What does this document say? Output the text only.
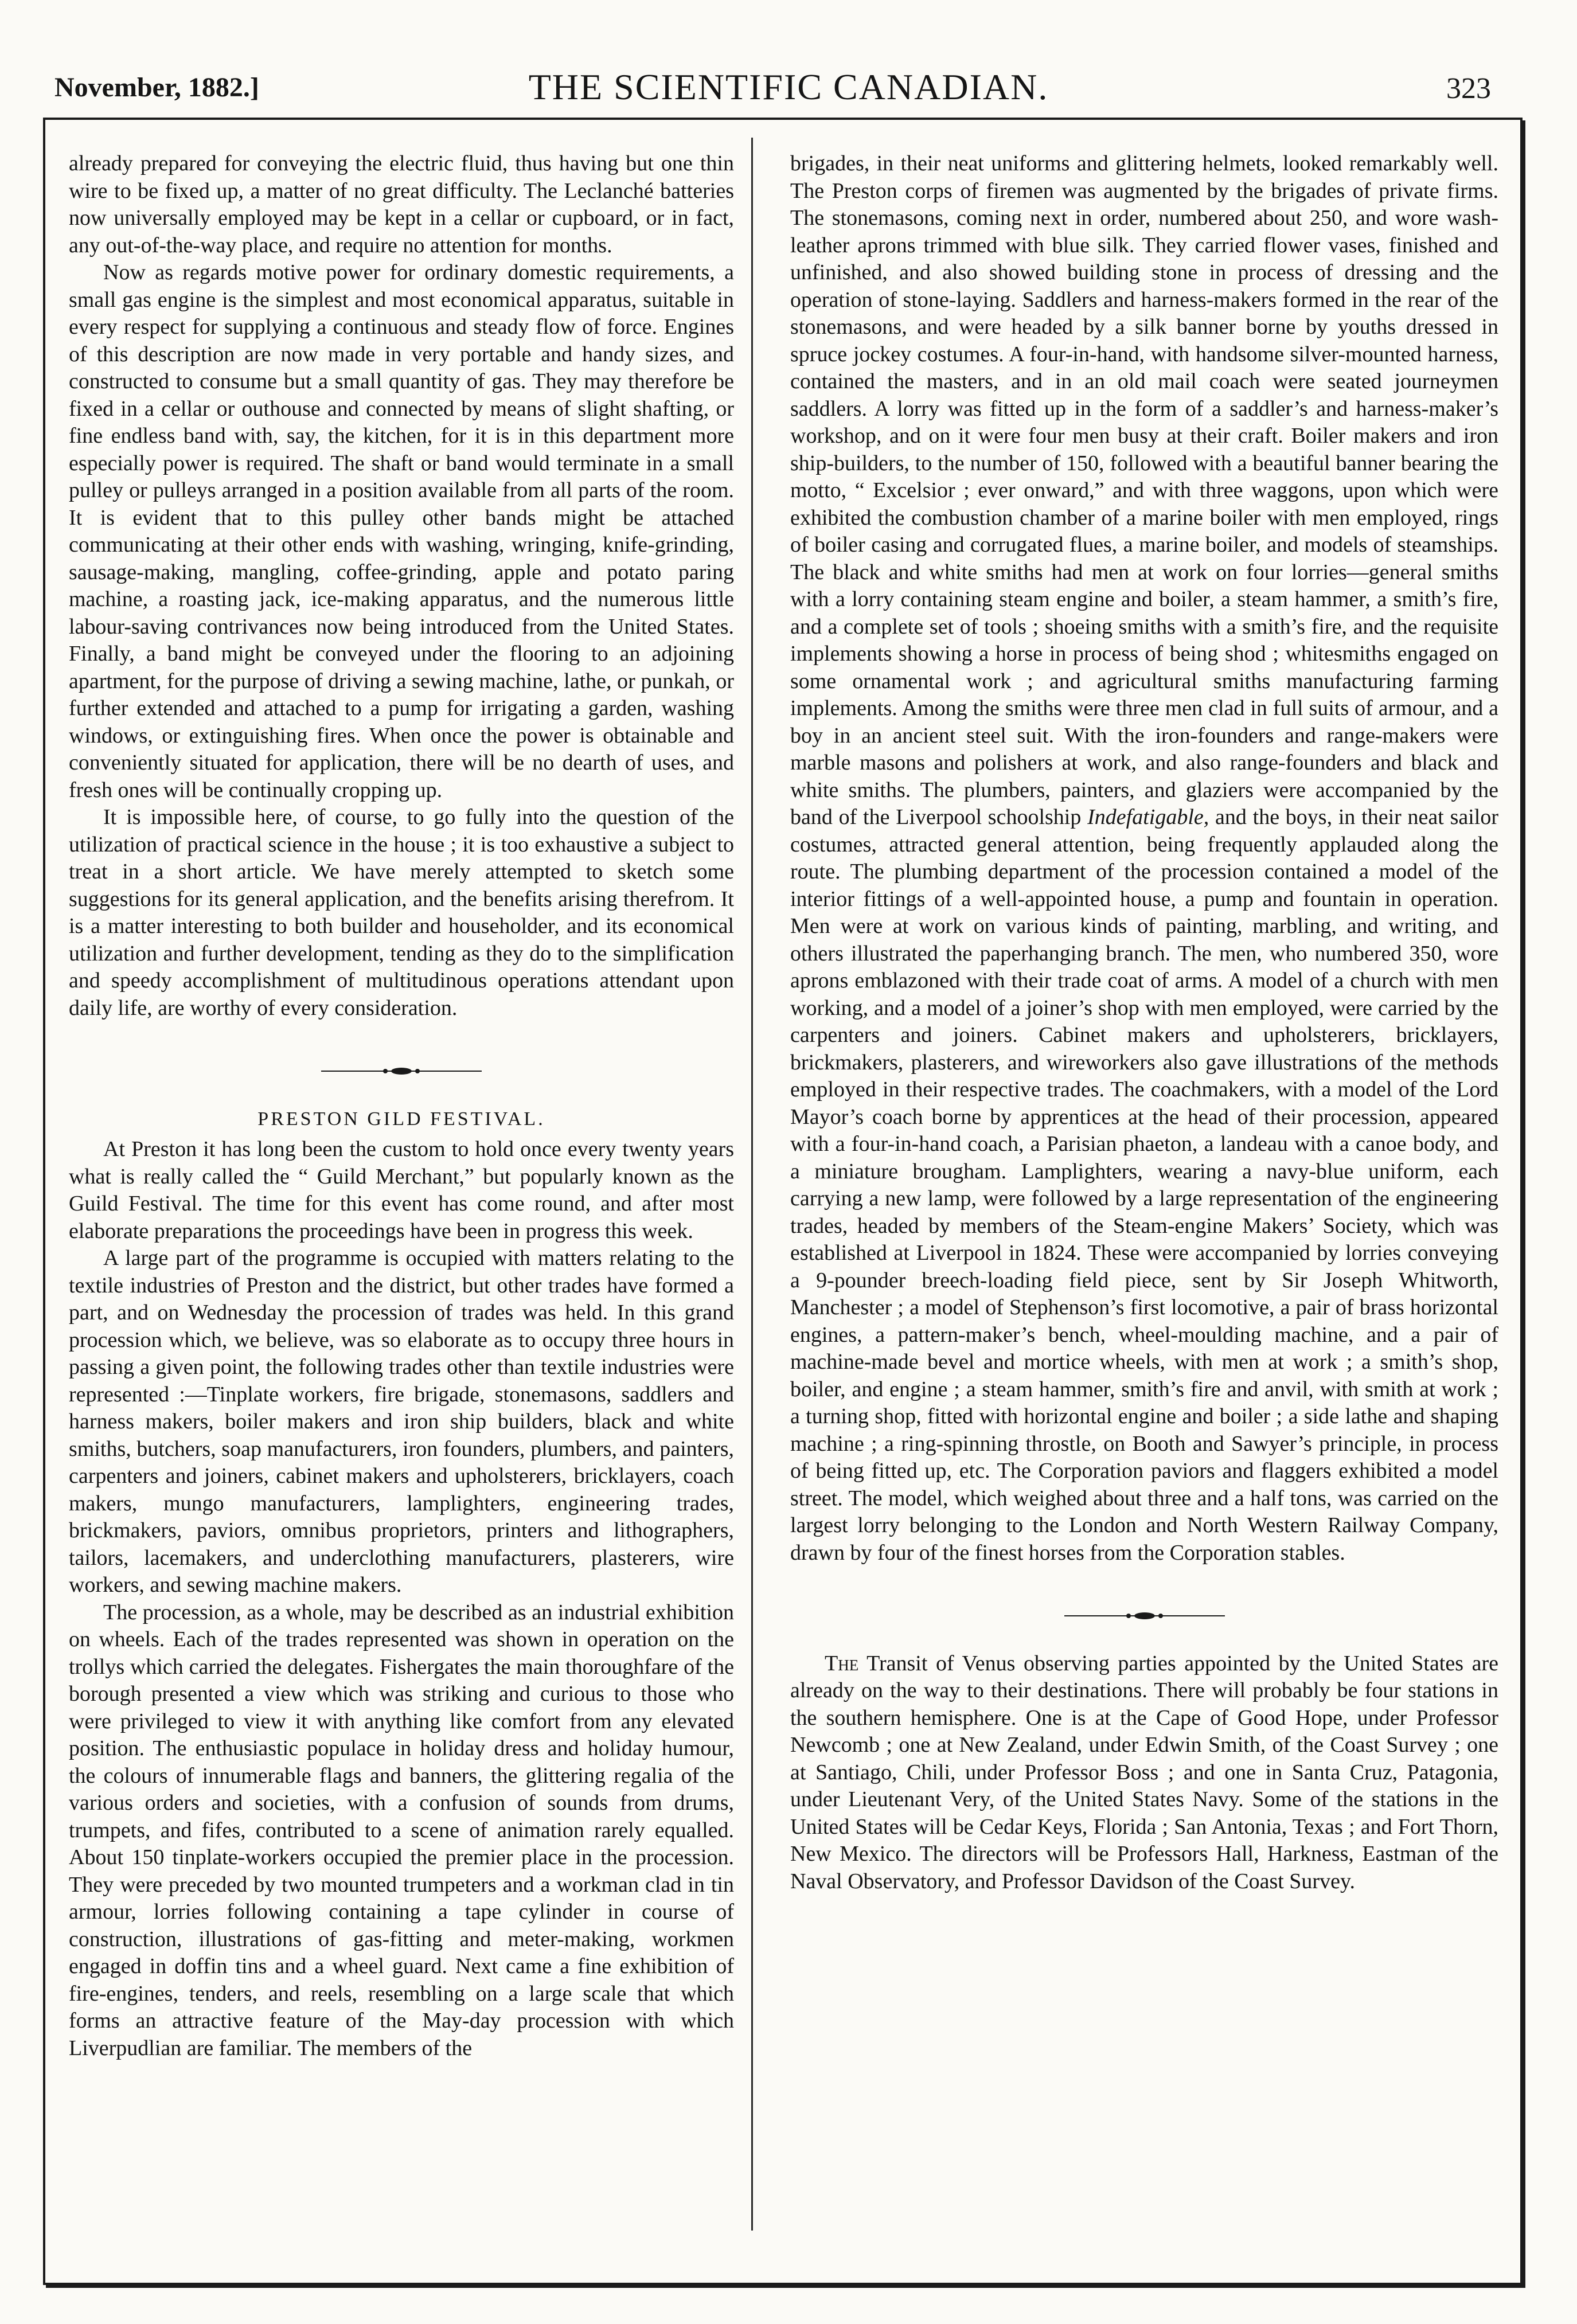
November, 1882.]	THE SCIENTIFIC CANADIAN.	323

already prepared for conveying the electric fluid, thus having but one thin wire to be fixed up, a matter of no great difficulty. The Leclanché batteries now universally employed may be kept in a cellar or cupboard, or in fact, any out-of-the-way place, and require no attention for months.

Now as regards motive power for ordinary domestic requirements, a small gas engine is the simplest and most economical apparatus, suitable in every respect for supplying a continuous and steady flow of force. Engines of this description are now made in very portable and handy sizes, and constructed to consume but a small quantity of gas. They may therefore be fixed in a cellar or outhouse and connected by means of slight shafting, or fine endless band with, say, the kitchen, for it is in this department more especially power is required. The shaft or band would terminate in a small pulley or pulleys arranged in a position available from all parts of the room. It is evident that to this pulley other bands might be attached communicating at their other ends with washing, wringing, knife-grinding, sausage-making, mangling, coffee-grinding, apple and potato paring machine, a roasting jack, ice-making apparatus, and the numerous little labour-saving contrivances now being introduced from the United States. Finally, a band might be conveyed under the flooring to an adjoining apartment, for the purpose of driving a sewing machine, lathe, or punkah, or further extended and attached to a pump for irrigating a garden, washing windows, or extinguishing fires. When once the power is obtainable and conveniently situated for application, there will be no dearth of uses, and fresh ones will be continually cropping up.

It is impossible here, of course, to go fully into the question of the utilization of practical science in the house ; it is too exhaustive a subject to treat in a short article. We have merely attempted to sketch some suggestions for its general application, and the benefits arising therefrom. It is a matter interesting to both builder and householder, and its economical utilization and further development, tending as they do to the simplification and speedy accomplishment of multitudinous operations attendant upon daily life, are worthy of every consideration.

PRESTON GILD FESTIVAL.

At Preston it has long been the custom to hold once every twenty years what is really called the “ Guild Merchant,” but popularly known as the Guild Festival. The time for this event has come round, and after most elaborate preparations the proceedings have been in progress this week.

A large part of the programme is occupied with matters relating to the textile industries of Preston and the district, but other trades have formed a part, and on Wednesday the procession of trades was held. In this grand procession which, we believe, was so elaborate as to occupy three hours in passing a given point, the following trades other than textile industries were represented :—Tinplate workers, fire brigade, stonemasons, saddlers and harness makers, boiler makers and iron ship builders, black and white smiths, butchers, soap manufacturers, iron founders, plumbers, and painters, carpenters and joiners, cabinet makers and upholsterers, bricklayers, coach makers, mungo manufacturers, lamplighters, engineering trades, brickmakers, paviors, omnibus proprietors, printers and lithographers, tailors, lacemakers, and underclothing manufacturers, plasterers, wire workers, and sewing machine makers.

The procession, as a whole, may be described as an industrial exhibition on wheels. Each of the trades represented was shown in operation on the trollys which carried the delegates. Fishergates the main thoroughfare of the borough presented a view which was striking and curious to those who were privileged to view it with anything like comfort from any elevated position. The enthusiastic populace in holiday dress and holiday humour, the colours of innumerable flags and banners, the glittering regalia of the various orders and societies, with a confusion of sounds from drums, trumpets, and fifes, contributed to a scene of animation rarely equalled. About 150 tinplate-workers occupied the premier place in the procession. They were preceded by two mounted trumpeters and a workman clad in tin armour, lorries following containing a tape cylinder in course of construction, illustrations of gas-fitting and meter-making, workmen engaged in doffin tins and a wheel guard. Next came a fine exhibition of fire-engines, tenders, and reels, resembling on a large scale that which forms an attractive feature of the May-day procession with which Liverpudlian are familiar. The members of the

brigades, in their neat uniforms and glittering helmets, looked remarkably well. The Preston corps of firemen was augmented by the brigades of private firms. The stonemasons, coming next in order, numbered about 250, and wore wash-leather aprons trimmed with blue silk. They carried flower vases, finished and unfinished, and also showed building stone in process of dressing and the operation of stone-laying. Saddlers and harness-makers formed in the rear of the stonemasons, and were headed by a silk banner borne by youths dressed in spruce jockey costumes. A four-in-hand, with handsome silver-mounted harness, contained the masters, and in an old mail coach were seated journeymen saddlers. A lorry was fitted up in the form of a saddler’s and harness-maker’s workshop, and on it were four men busy at their craft. Boiler makers and iron ship-builders, to the number of 150, followed with a beautiful banner bearing the motto, “ Excelsior ; ever onward,” and with three waggons, upon which were exhibited the combustion chamber of a marine boiler with men employed, rings of boiler casing and corrugated flues, a marine boiler, and models of steamships. The black and white smiths had men at work on four lorries—general smiths with a lorry containing steam engine and boiler, a steam hammer, a smith’s fire, and a complete set of tools ; shoeing smiths with a smith’s fire, and the requisite implements showing a horse in process of being shod ; whitesmiths engaged on some ornamental work ; and agricultural smiths manufacturing farming implements. Among the smiths were three men clad in full suits of armour, and a boy in an ancient steel suit. With the iron-founders and range-makers were marble masons and polishers at work, and also range-founders and black and white smiths. The plumbers, painters, and glaziers were accompanied by the band of the Liverpool schoolship Indefatigable, and the boys, in their neat sailor costumes, attracted general attention, being frequently applauded along the route. The plumbing department of the procession contained a model of the interior fittings of a well-appointed house, a pump and fountain in operation. Men were at work on various kinds of painting, marbling, and writing, and others illustrated the paperhanging branch. The men, who numbered 350, wore aprons emblazoned with their trade coat of arms. A model of a church with men working, and a model of a joiner’s shop with men employed, were carried by the carpenters and joiners. Cabinet makers and upholsterers, bricklayers, brickmakers, plasterers, and wireworkers also gave illustrations of the methods employed in their respective trades. The coachmakers, with a model of the Lord Mayor’s coach borne by apprentices at the head of their procession, appeared with a four-in-hand coach, a Parisian phaeton, a landeau with a canoe body, and a miniature brougham. Lamplighters, wearing a navy-blue uniform, each carrying a new lamp, were followed by a large representation of the engineering trades, headed by members of the Steam-engine Makers’ Society, which was established at Liverpool in 1824. These were accompanied by lorries conveying a 9-pounder breech-loading field piece, sent by Sir Joseph Whitworth, Manchester ; a model of Stephenson’s first locomotive, a pair of brass horizontal engines, a pattern-maker’s bench, wheel-moulding machine, and a pair of machine-made bevel and mortice wheels, with men at work ; a smith’s shop, boiler, and engine ; a steam hammer, smith’s fire and anvil, with smith at work ; a turning shop, fitted with horizontal engine and boiler ; a side lathe and shaping machine ; a ring-spinning throstle, on Booth and Sawyer’s principle, in process of being fitted up, etc. The Corporation paviors and flaggers exhibited a model street. The model, which weighed about three and a half tons, was carried on the largest lorry belonging to the London and North Western Railway Company, drawn by four of the finest horses from the Corporation stables.

The Transit of Venus observing parties appointed by the United States are already on the way to their destinations. There will probably be four stations in the southern hemisphere. One is at the Cape of Good Hope, under Professor Newcomb ; one at New Zealand, under Edwin Smith, of the Coast Survey ; one at Santiago, Chili, under Professor Boss ; and one in Santa Cruz, Patagonia, under Lieutenant Very, of the United States Navy. Some of the stations in the United States will be Cedar Keys, Florida ; San Antonia, Texas ; and Fort Thorn, New Mexico. The directors will be Professors Hall, Harkness, Eastman of the Naval Observatory, and Professor Davidson of the Coast Survey.
